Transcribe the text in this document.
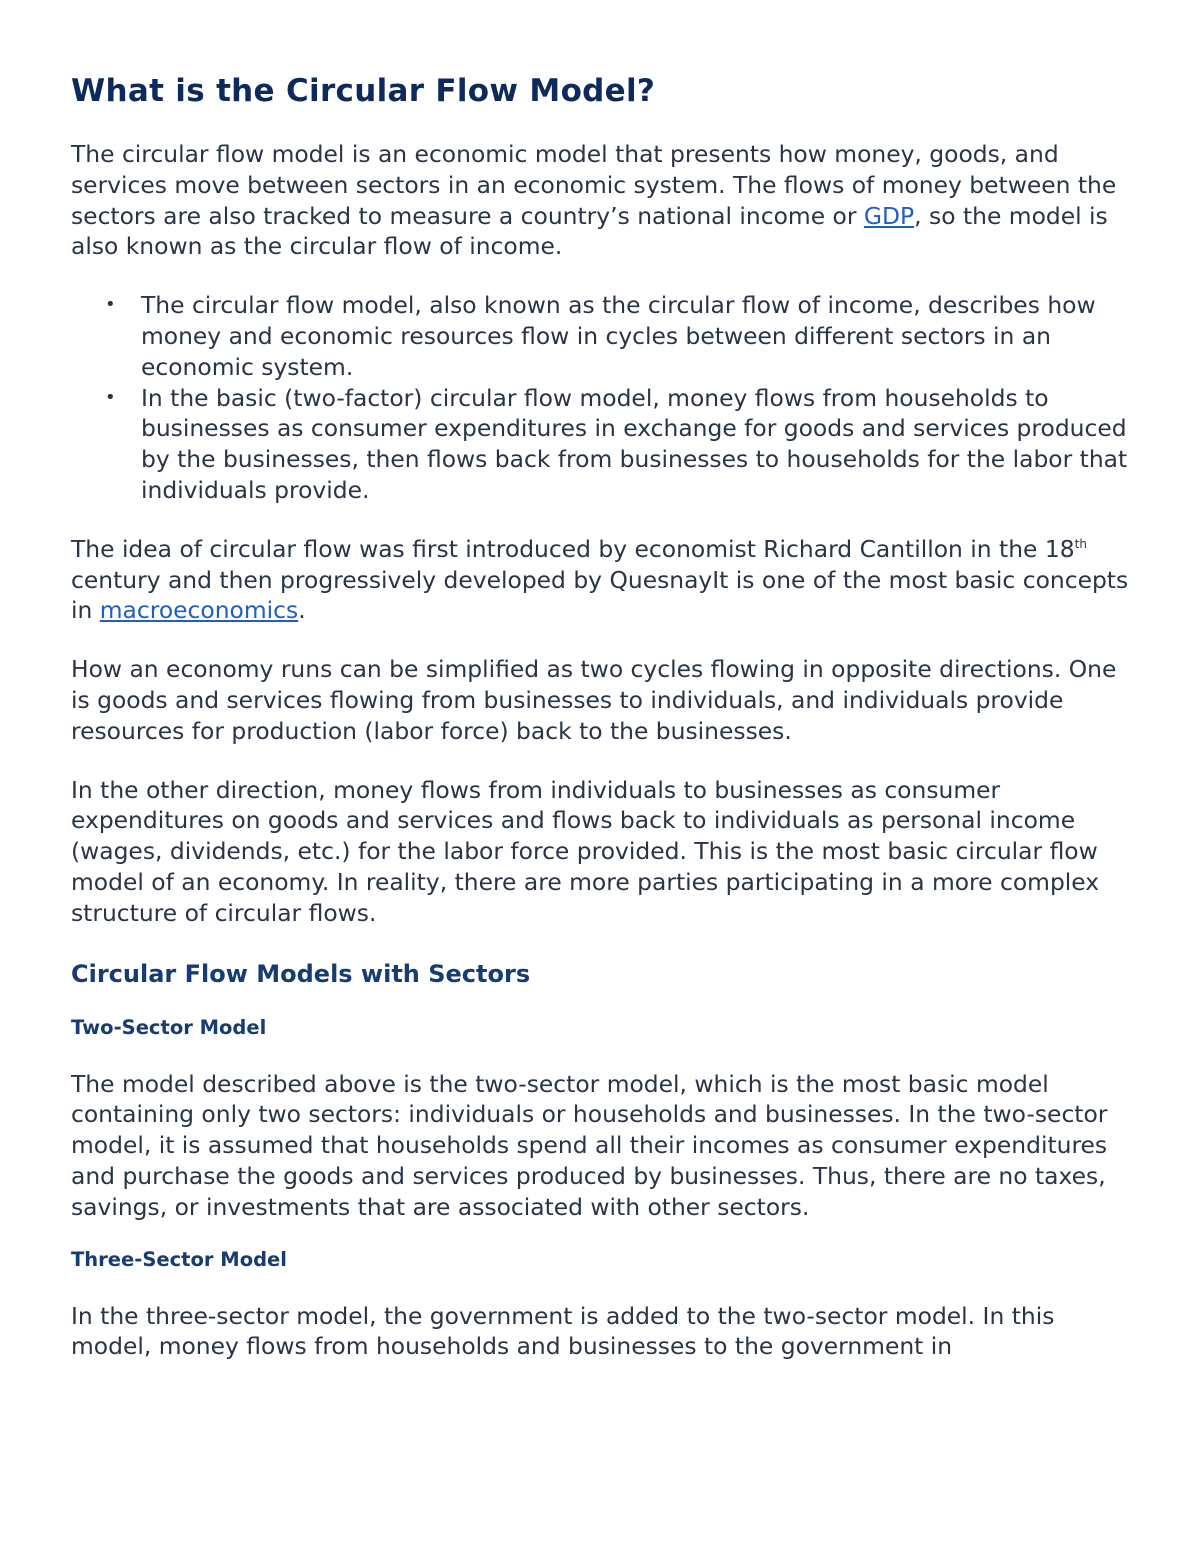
What is the Circular Flow Model?

The circular flow model is an economic model that presents how money, goods, and services move between sectors in an economic system. The flows of money between the sectors are also tracked to measure a country’s national income or GDP, so the model is also known as the circular flow of income.

• The circular flow model, also known as the circular flow of income, describes how money and economic resources flow in cycles between different sectors in an economic system.
• In the basic (two-factor) circular flow model, money flows from households to businesses as consumer expenditures in exchange for goods and services produced by the businesses, then flows back from businesses to households for the labor that individuals provide.

The idea of circular flow was first introduced by economist Richard Cantillon in the 18th century and then progressively developed by QuesnayIt is one of the most basic concepts in macroeconomics.

How an economy runs can be simplified as two cycles flowing in opposite directions. One is goods and services flowing from businesses to individuals, and individuals provide resources for production (labor force) back to the businesses.

In the other direction, money flows from individuals to businesses as consumer expenditures on goods and services and flows back to individuals as personal income (wages, dividends, etc.) for the labor force provided. This is the most basic circular flow model of an economy. In reality, there are more parties participating in a more complex structure of circular flows.

Circular Flow Models with Sectors
Two-Sector Model

The model described above is the two-sector model, which is the most basic model containing only two sectors: individuals or households and businesses. In the two-sector model, it is assumed that households spend all their incomes as consumer expenditures and purchase the goods and services produced by businesses. Thus, there are no taxes, savings, or investments that are associated with other sectors.

Three-Sector Model

In the three-sector model, the government is added to the two-sector model. In this model, money flows from households and businesses to the government in
